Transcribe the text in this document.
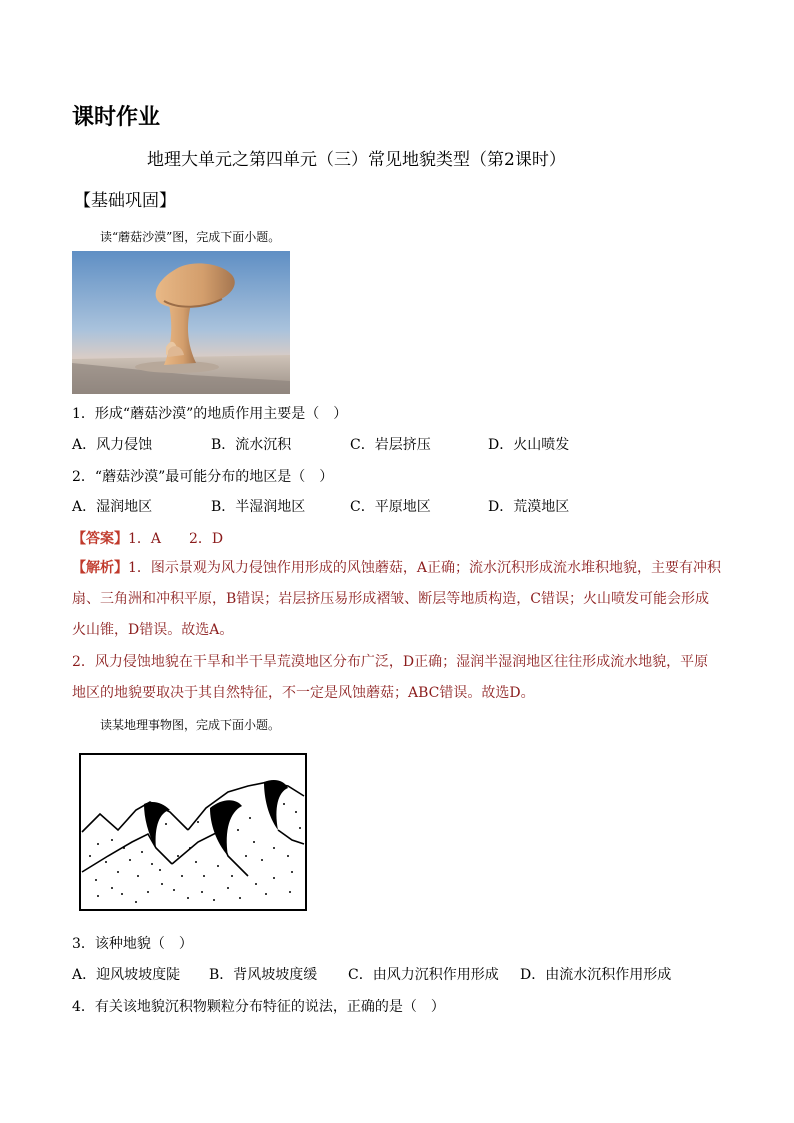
课时作业
地理大单元之第四单元（三）常见地貌类型（第2课时）
【基础巩固】
读“蘑菇沙漠”图，完成下面小题。
1．形成“蘑菇沙漠”的地质作用主要是（　）
A．风力侵蚀	B．流水沉积	C．岩层挤压	D．火山喷发
2．“蘑菇沙漠”最可能分布的地区是（　）
A．湿润地区	B．半湿润地区	C．平原地区	D．荒漠地区
【答案】1．A　　2．D
【解析】1．图示景观为风力侵蚀作用形成的风蚀蘑菇，A正确；流水沉积形成流水堆积地貌，主要有冲积扇、三角洲和冲积平原，B错误；岩层挤压易形成褶皱、断层等地质构造，C错误；火山喷发可能会形成火山锥，D错误。故选A。
2．风力侵蚀地貌在干旱和半干旱荒漠地区分布广泛，D正确；湿润半湿润地区往往形成流水地貌，平原地区的地貌要取决于其自然特征，不一定是风蚀蘑菇；ABC错误。故选D。
读某地理事物图，完成下面小题。
3．该种地貌（　）
A．迎风坡坡度陡 B．背风坡坡度缓 C．由风力沉积作用形成 D．由流水沉积作用形成
4．有关该地貌沉积物颗粒分布特征的说法，正确的是（　）
